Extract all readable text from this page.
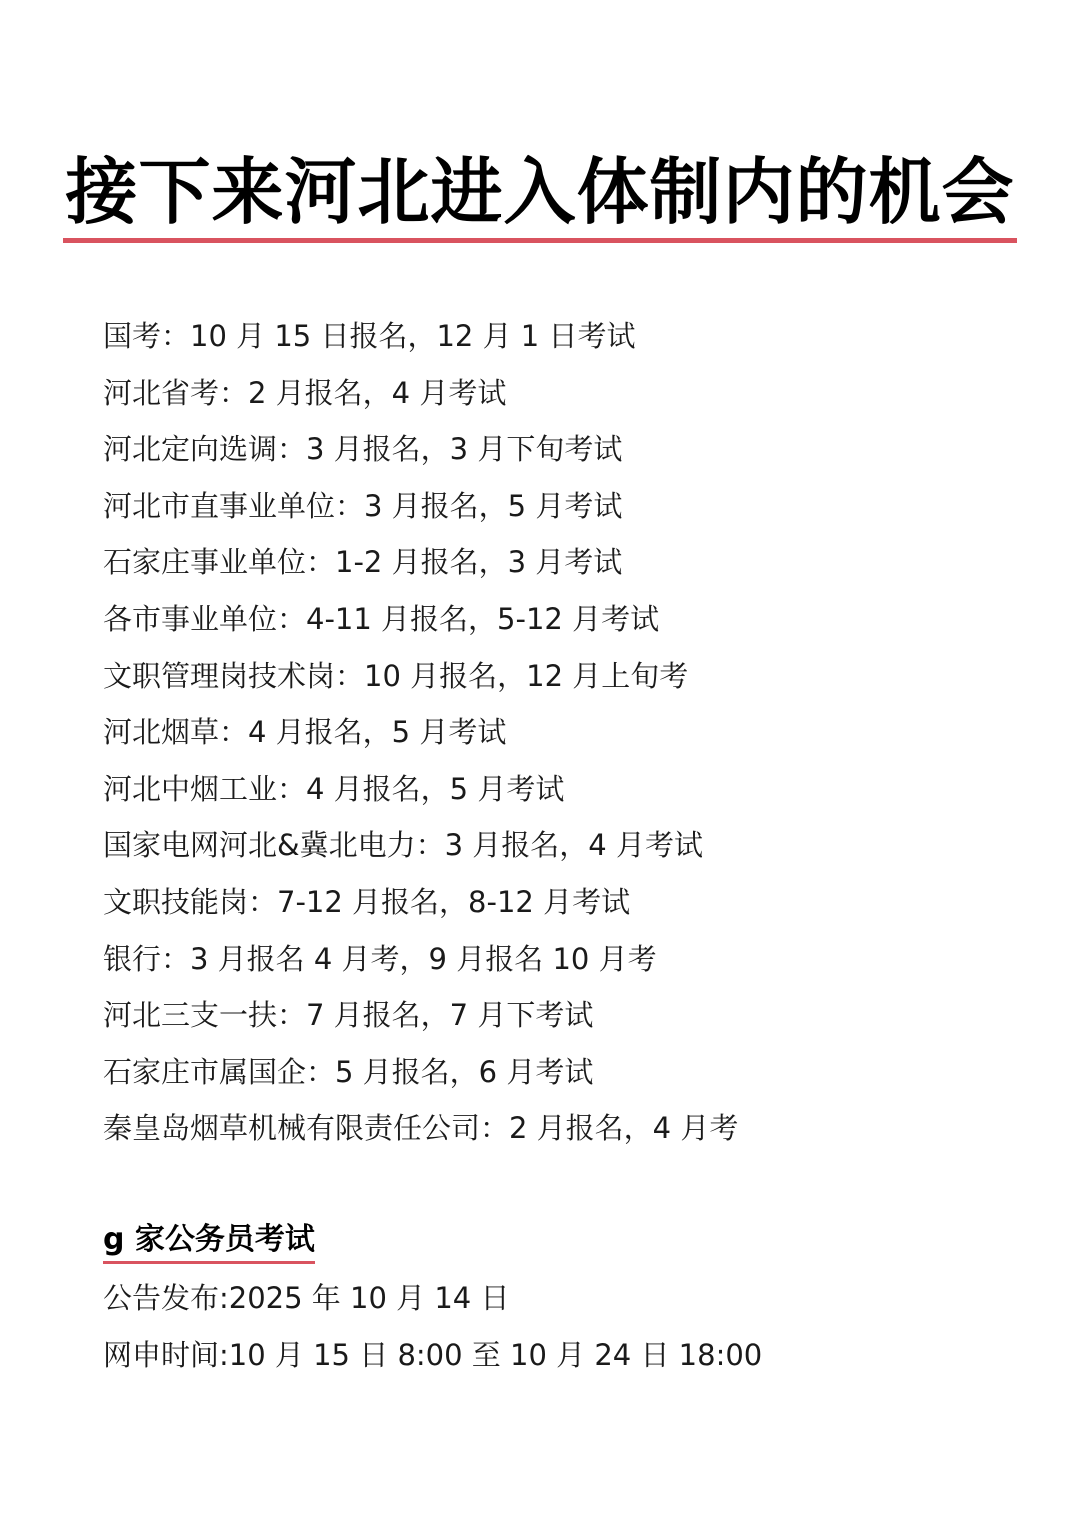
接下来河北进入体制内的机会
国考：10 月 15 日报名，12 月 1 日考试
河北省考：2 月报名，4 月考试
河北定向选调：3 月报名，3 月下旬考试
河北市直事业单位：3 月报名，5 月考试
石家庄事业单位：1-2 月报名，3 月考试
各市事业单位：4-11 月报名，5-12 月考试
文职管理岗技术岗：10 月报名，12 月上旬考
河北烟草：4 月报名，5 月考试
河北中烟工业：4 月报名，5 月考试
国家电网河北&冀北电力：3 月报名，4 月考试
文职技能岗：7-12 月报名，8-12 月考试
银行：3 月报名 4 月考，9 月报名 10 月考
河北三支一扶：7 月报名，7 月下考试
石家庄市属国企：5 月报名，6 月考试
秦皇岛烟草机械有限责任公司：2 月报名，4 月考
g 家公务员考试
公告发布:2025 年 10 月 14 日
网申时间:10 月 15 日 8:00 至 10 月 24 日 18:00
